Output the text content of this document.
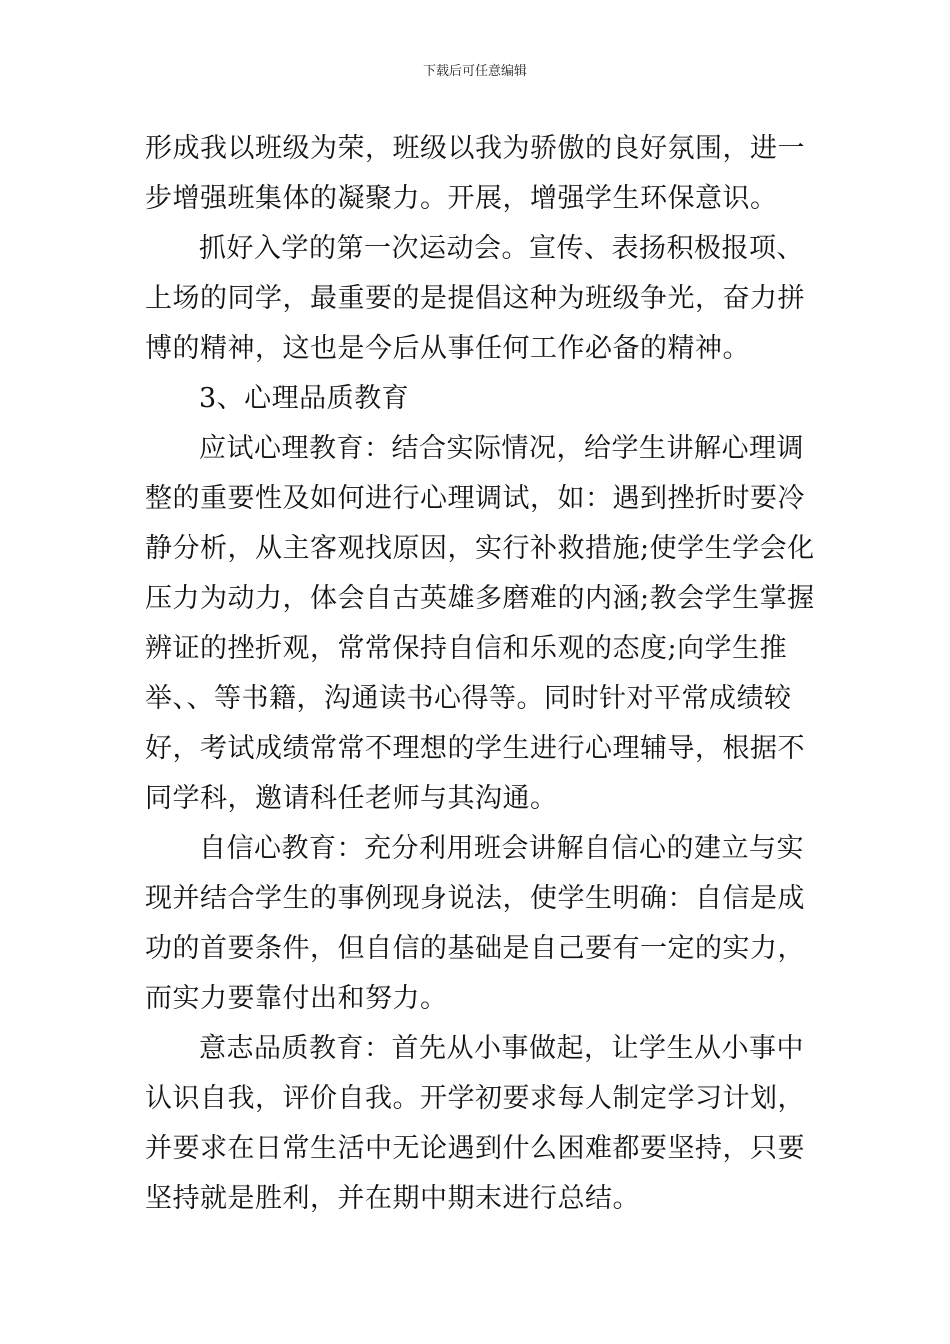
下载后可任意编辑

形成我以班级为荣，班级以我为骄傲的良好氛围，进一步增强班集体的凝聚力。开展，增强学生环保意识。

抓好入学的第一次运动会。宣传、表扬积极报项、上场的同学，最重要的是提倡这种为班级争光，奋力拼博的精神，这也是今后从事任何工作必备的精神。

3、心理品质教育

应试心理教育：结合实际情况，给学生讲解心理调整的重要性及如何进行心理调试，如：遇到挫折时要冷静分析，从主客观找原因，实行补救措施;使学生学会化压力为动力，体会自古英雄多磨难的内涵;教会学生掌握辨证的挫折观，常常保持自信和乐观的态度;向学生推举、、等书籍，沟通读书心得等。同时针对平常成绩较好，考试成绩常常不理想的学生进行心理辅导，根据不同学科，邀请科任老师与其沟通。

自信心教育：充分利用班会讲解自信心的建立与实现并结合学生的事例现身说法，使学生明确：自信是成功的首要条件，但自信的基础是自己要有一定的实力，而实力要靠付出和努力。

意志品质教育：首先从小事做起，让学生从小事中认识自我，评价自我。开学初要求每人制定学习计划，并要求在日常生活中无论遇到什么困难都要坚持，只要坚持就是胜利，并在期中期末进行总结。
